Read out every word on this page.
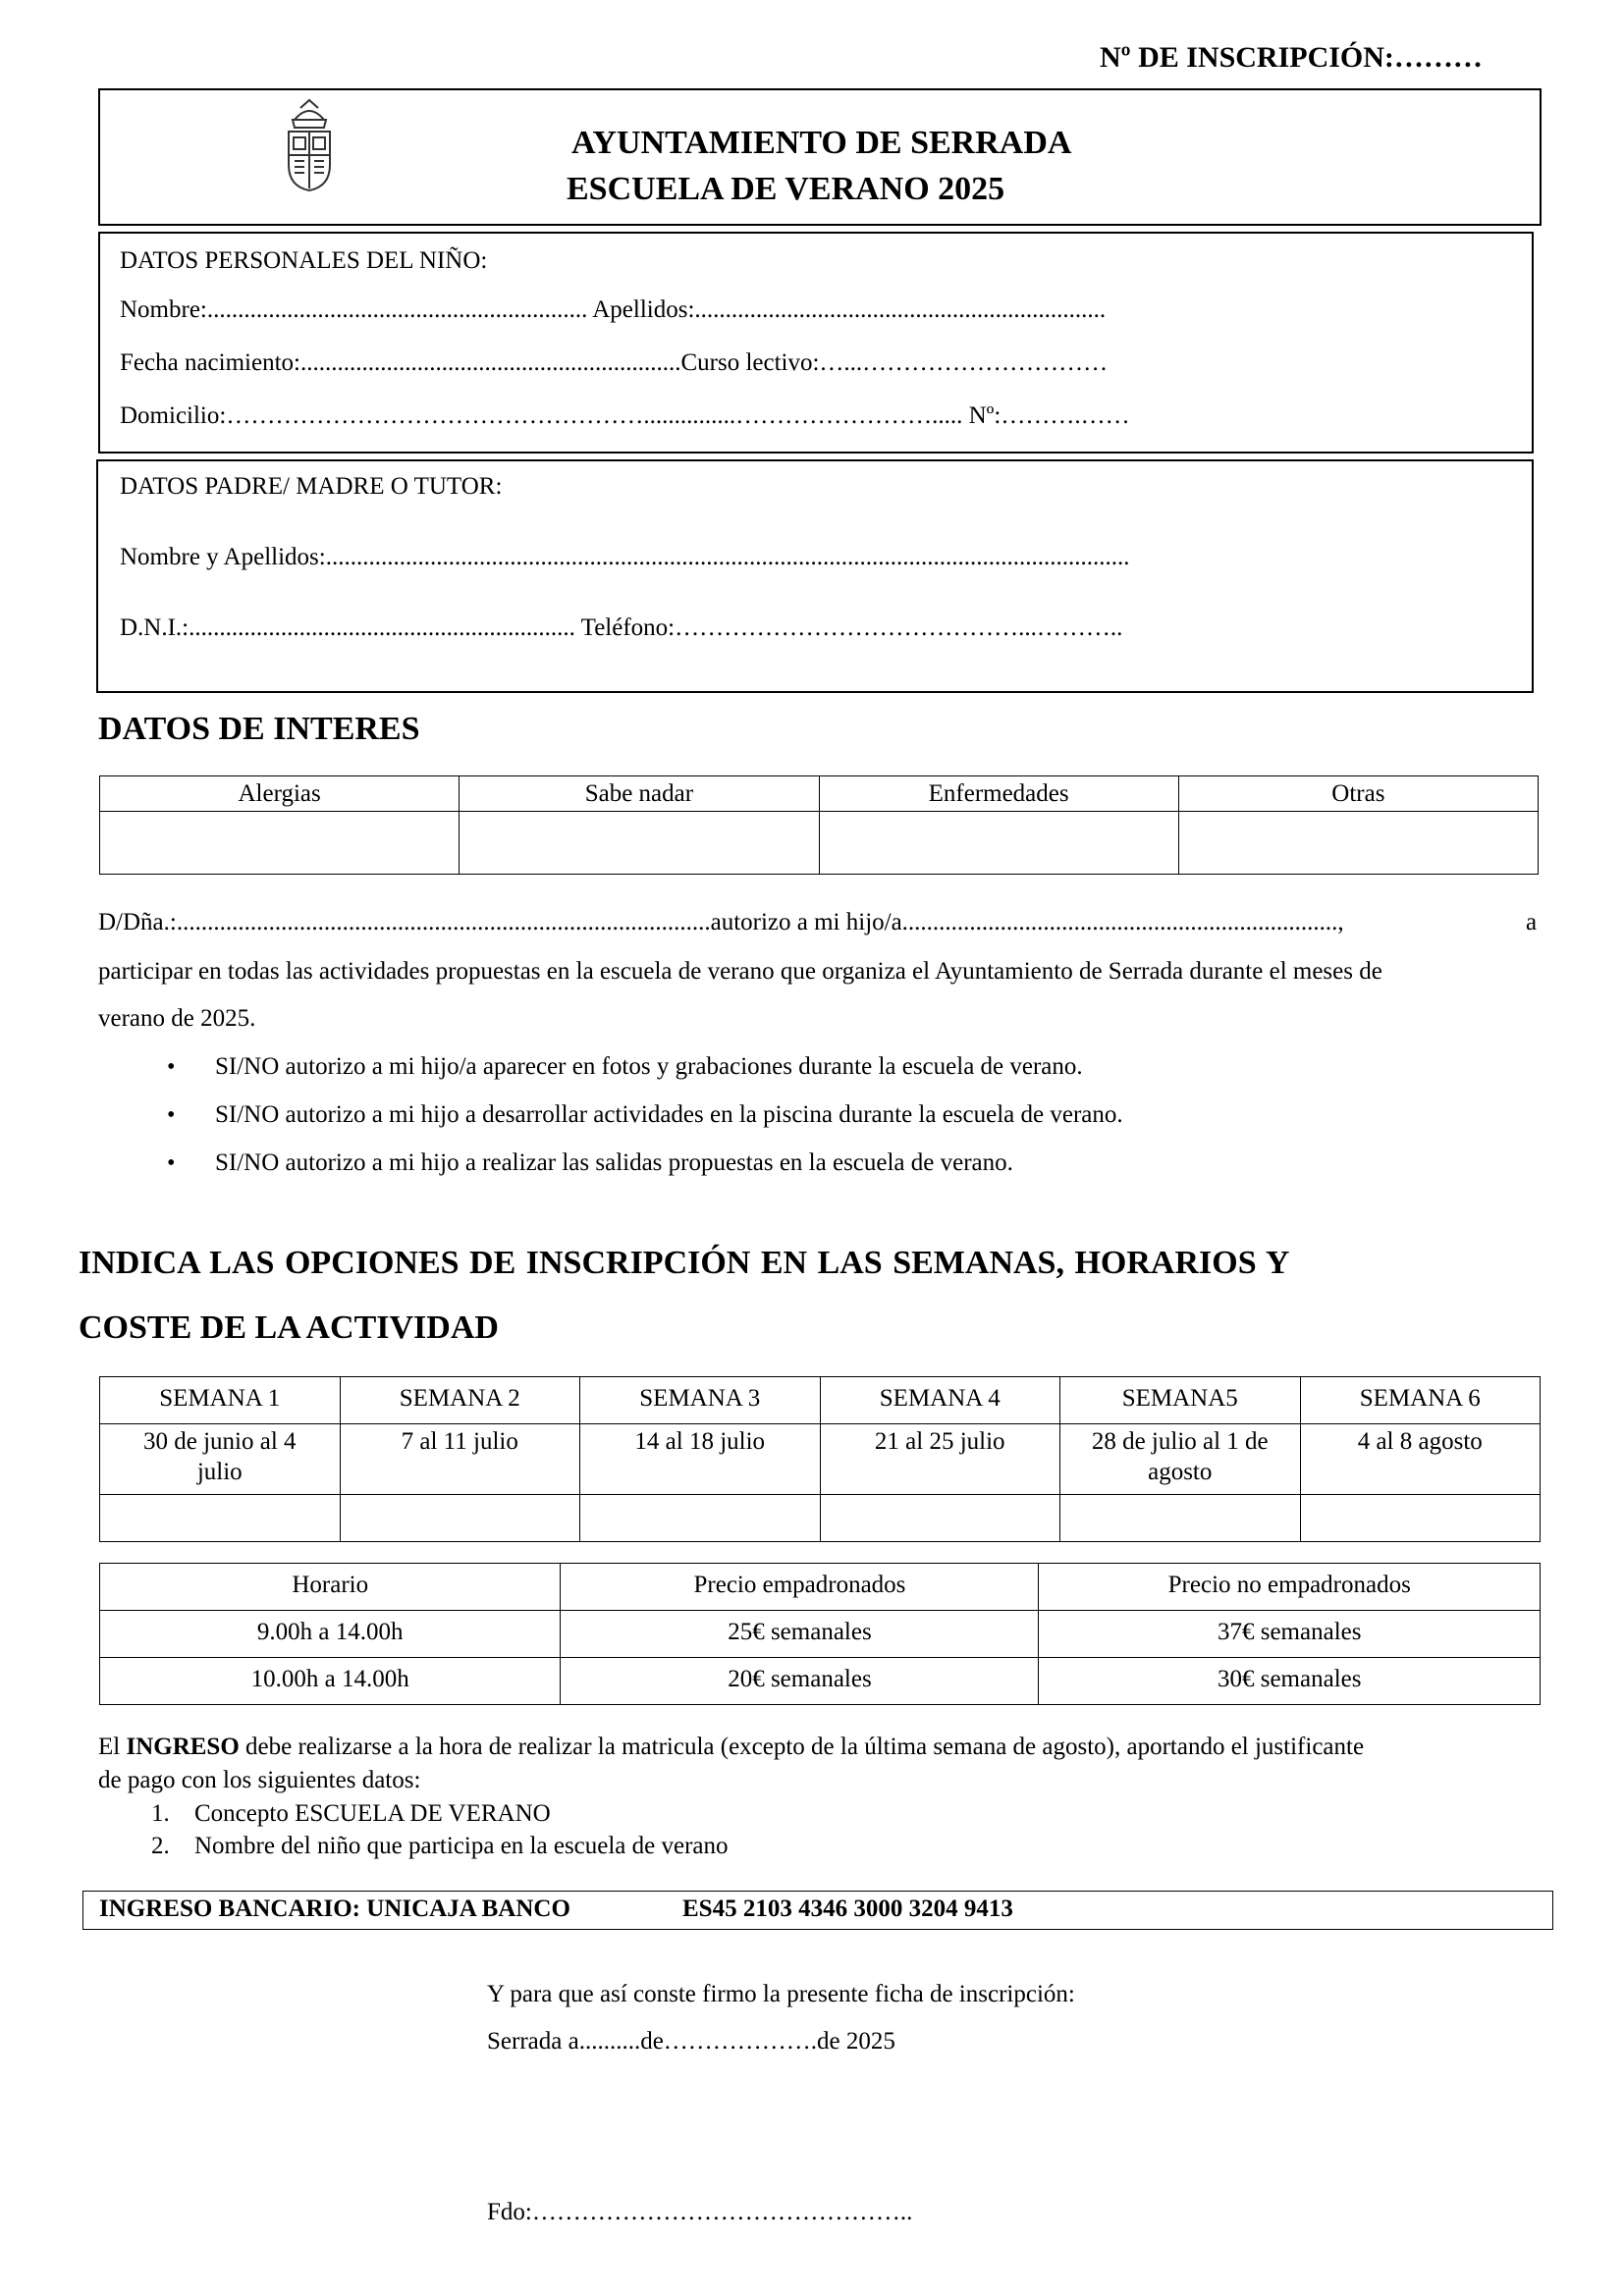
Nº DE INSCRIPCIÓN:………
AYUNTAMIENTO DE SERRADA
ESCUELA DE VERANO 2025
DATOS PERSONALES DEL NIÑO:
Nombre:.............................................................. Apellidos:...................................................................
Fecha nacimiento:..............................................................Curso lectivo:…...…………………………
Domicilio:……………………………………………...............……………………..... Nº:……….……
DATOS PADRE/ MADRE O TUTOR:
Nombre y Apellidos:...................................................................................................................................
D.N.I.:............................................................... Teléfono:……………………………………...………..
DATOS DE INTERES
Alergias	Sabe nadar	Enfermedades	Otras

D/Dña.:.......................................................................................autorizo a mi hijo/a.......................................................................,	a
participar en todas las actividades propuestas en la escuela de verano que organiza el Ayuntamiento de Serrada durante el meses de
verano de 2025.
• SI/NO autorizo a mi hijo/a aparecer en fotos y grabaciones durante la escuela de verano.
• SI/NO autorizo a mi hijo a desarrollar actividades en la piscina durante la escuela de verano.
• SI/NO autorizo a mi hijo a realizar las salidas propuestas en la escuela de verano.
INDICA LAS OPCIONES DE INSCRIPCIÓN EN LAS SEMANAS, HORARIOS Y
COSTE DE LA ACTIVIDAD
SEMANA 1	SEMANA 2	SEMANA 3	SEMANA 4	SEMANA5	SEMANA 6
30 de junio al 4 julio	7 al 11 julio	14 al 18 julio	21 al 25 julio	28 de julio al 1 de agosto	4 al 8 agosto

Horario	Precio empadronados	Precio no empadronados
9.00h a 14.00h	25€ semanales	37€ semanales
10.00h a 14.00h	20€ semanales	30€ semanales
El INGRESO debe realizarse a la hora de realizar la matricula (excepto de la última semana de agosto), aportando el justificante
de pago con los siguientes datos:
1. Concepto ESCUELA DE VERANO
2. Nombre del niño que participa en la escuela de verano
INGRESO BANCARIO: UNICAJA BANCO	ES45 2103 4346 3000 3204 9413
Y para que así conste firmo la presente ficha de inscripción:
Serrada a..........de……………….de 2025
Fdo:………………………………………..
